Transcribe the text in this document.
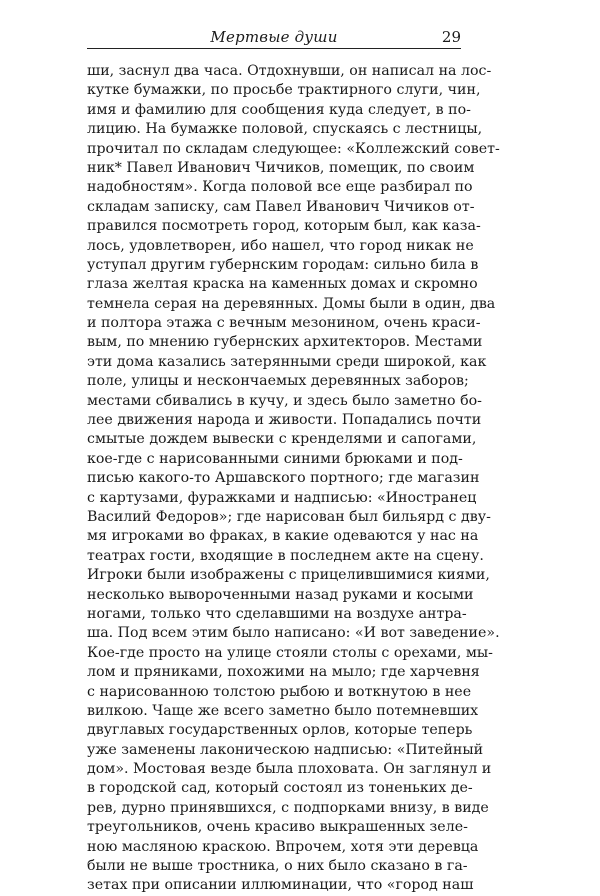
Мертвые души	29
ши, заснул два часа. Отдохнувши, он написал на лос-
кутке бумажки, по просьбе трактирного слуги, чин,
имя и фамилию для сообщения куда следует, в по-
лицию. На бумажке половой, спускаясь с лестницы,
прочитал по складам следующее: «Коллежский совет-
ник* Павел Иванович Чичиков, помещик, по своим
надобностям». Когда половой все еще разбирал по
складам записку, сам Павел Иванович Чичиков от-
правился посмотреть город, которым был, как каза-
лось, удовлетворен, ибо нашел, что город никак не
уступал другим губернским городам: сильно била в
глаза желтая краска на каменных домах и скромно
темнела серая на деревянных. Домы были в один, два
и полтора этажа с вечным мезонином, очень краси-
вым, по мнению губернских архитекторов. Местами
эти дома казались затерянными среди широкой, как
поле, улицы и нескончаемых деревянных заборов;
местами сбивались в кучу, и здесь было заметно бо-
лее движения народа и живости. Попадались почти
смытые дождем вывески с кренделями и сапогами,
кое-где с нарисованными синими брюками и под-
писью какого-то Аршавского портного; где магазин
с картузами, фуражками и надписью: «Иностранец
Василий Федоров»; где нарисован был бильярд с дву-
мя игроками во фраках, в какие одеваются у нас на
театрах гости, входящие в последнем акте на сцену.
Игроки были изображены с прицелившимися киями,
несколько вывороченными назад руками и косыми
ногами, только что сделавшими на воздухе антра-
ша. Под всем этим было написано: «И вот заведение».
Кое-где просто на улице стояли столы с орехами, мы-
лом и пряниками, похожими на мыло; где харчевня
с нарисованною толстою рыбою и воткнутою в нее
вилкою. Чаще же всего заметно было потемневших
двуглавых государственных орлов, которые теперь
уже заменены лаконическою надписью: «Питейный
дом». Мостовая везде была плоховата. Он заглянул и
в городской сад, который состоял из тоненьких де-
рев, дурно принявшихся, с подпорками внизу, в виде
треугольников, очень красиво выкрашенных зеле-
ною масляною краскою. Впрочем, хотя эти деревца
были не выше тростника, о них было сказано в га-
зетах при описании иллюминации, что «город наш
